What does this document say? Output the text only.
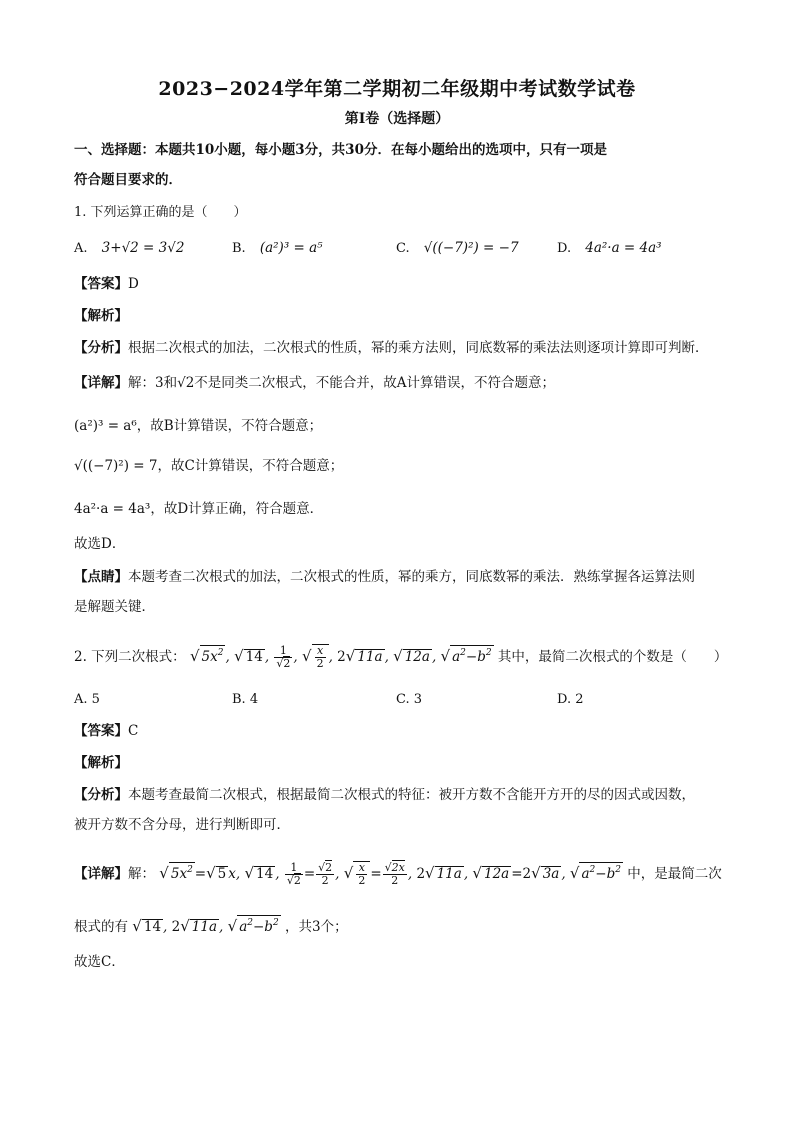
2023−2024学年第二学期初二年级期中考试数学试卷
第Ⅰ卷（选择题）
一、选择题：本题共10小题，每小题3分，共30分．在每小题给出的选项中，只有一项是
符合题目要求的．
1. 下列运算正确的是（　　）
A. 3+√2 = 3√2	B. (a²)³ = a⁵	C. √((−7)²) = −7	D. 4a²·a = 4a³
【答案】D
【解析】
【分析】根据二次根式的加法，二次根式的性质，幂的乘方法则，同底数幂的乘法法则逐项计算即可判断．
【详解】解：3和√2不是同类二次根式，不能合并，故A计算错误，不符合题意；
(a²)³ = a⁶，故B计算错误，不符合题意；
√((−7)²) = 7，故C计算错误，不符合题意；
4a²·a = 4a³，故D计算正确，符合题意．
故选D．
【点睛】本题考查二次根式的加法，二次根式的性质，幂的乘方，同底数幂的乘法．熟练掌握各运算法则
是解题关键．
2. 下列二次根式： √ $5x^2$ , √ 14 , $\frac{1}{√2}$ , √ $\frac{x}{2}$ , 2√ 11a , √ 12a , √ $a^2-b^2$ 其中，最简二次根式的个数是（　　）
A. 5	B. 4	C. 3	D. 2
【答案】C
【解析】
【分析】本题考查最简二次根式，根据最简二次根式的特征：被开方数不含能开方开的尽的因式或因数，
被开方数不含分母，进行判断即可．
【详解】解： √ $5x^2$ =√ 5 x, √ 14 , $\frac{1}{√2} = \frac{√2}{2}$ , √ $\frac{x}{2} = \frac{√2x}{2}$ , 2√ 11a , √ 12a =2√ 3a , √ $a^2-b^2$ 中，是最简二次
根式的有 √ 14 , 2√ 11a , √ $a^2-b^2$ ，共3个；
故选C．
